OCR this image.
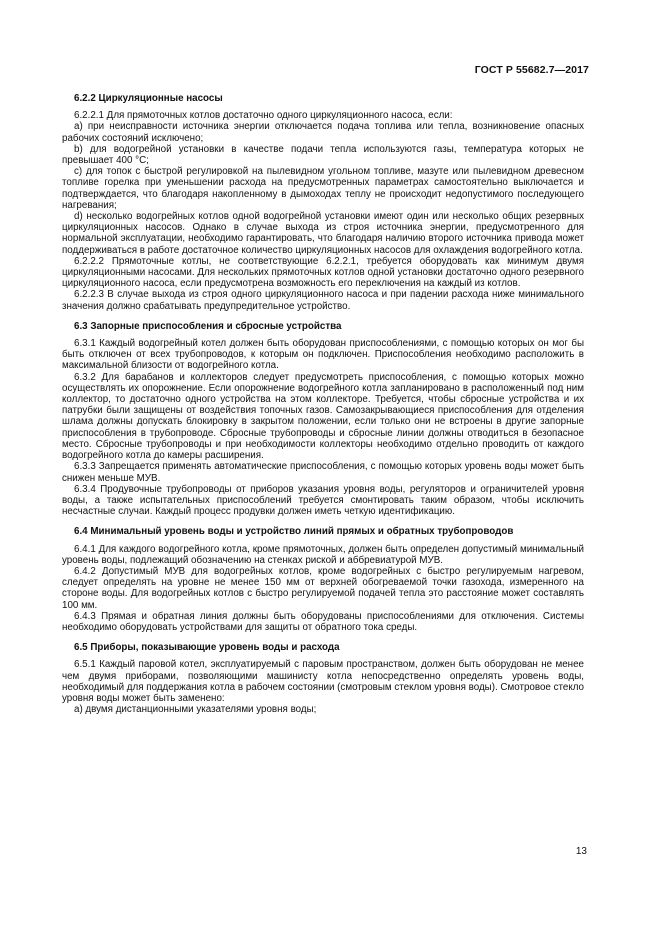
ГОСТ Р 55682.7—2017
6.2.2 Циркуляционные насосы

6.2.2.1 Для прямоточных котлов достаточно одного циркуляционного насоса, если:

a) при неисправности источника энергии отключается подача топлива или тепла, возникновение опасных рабочих состояний исключено;

b) для водогрейной установки в качестве подачи тепла используются газы, температура которых не превышает 400 °С;

c) для топок с быстрой регулировкой на пылевидном угольном топливе, мазуте или пылевидном древесном топливе горелка при уменьшении расхода на предусмотренных параметрах самостоятельно выключается и подтверждается, что благодаря накопленному в дымоходах теплу не происходит недопустимого последующего нагревания;

d) несколько водогрейных котлов одной водогрейной установки имеют один или несколько общих резервных циркуляционных насосов. Однако в случае выхода из строя источника энергии, предусмотренного для нормальной эксплуатации, необходимо гарантировать, что благодаря наличию второго источника привода может поддерживаться в работе достаточное количество циркуляционных насосов для охлаждения водогрейного котла.

6.2.2.2 Прямоточные котлы, не соответствующие 6.2.2.1, требуется оборудовать как минимум двумя циркуляционными насосами. Для нескольких прямоточных котлов одной установки достаточно одного резервного циркуляционного насоса, если предусмотрена возможность его переключения на каждый из котлов.

6.2.2.3 В случае выхода из строя одного циркуляционного насоса и при падении расхода ниже минимального значения должно срабатывать предупредительное устройство.

6.3 Запорные приспособления и сбросные устройства

6.3.1 Каждый водогрейный котел должен быть оборудован приспособлениями, с помощью которых он мог бы быть отключен от всех трубопроводов, к которым он подключен. Приспособления необходимо расположить в максимальной близости от водогрейного котла.

6.3.2 Для барабанов и коллекторов следует предусмотреть приспособления, с помощью которых можно осуществлять их опорожнение. Если опорожнение водогрейного котла запланировано в расположенный под ним коллектор, то достаточно одного устройства на этом коллекторе. Требуется, чтобы сбросные устройства и их патрубки были защищены от воздействия топочных газов. Самозакрывающиеся приспособления для отделения шлама должны допускать блокировку в закрытом положении, если только они не встроены в другие запорные приспособления в трубопроводе. Сбросные трубопроводы и сбросные линии должны отводиться в безопасное место. Сбросные трубопроводы и при необходимости коллекторы необходимо отдельно проводить от каждого водогрейного котла до камеры расширения.

6.3.3 Запрещается применять автоматические приспособления, с помощью которых уровень воды может быть снижен меньше МУВ.

6.3.4 Продувочные трубопроводы от приборов указания уровня воды, регуляторов и ограничителей уровня воды, а также испытательных приспособлений требуется смонтировать таким образом, чтобы исключить несчастные случаи. Каждый процесс продувки должен иметь четкую идентификацию.

6.4 Минимальный уровень воды и устройство линий прямых и обратных трубопроводов

6.4.1 Для каждого водогрейного котла, кроме прямоточных, должен быть определен допустимый минимальный уровень воды, подлежащий обозначению на стенках риской и аббревиатурой МУВ.

6.4.2 Допустимый МУВ для водогрейных котлов, кроме водогрейных с быстро регулируемым нагревом, следует определять на уровне не менее 150 мм от верхней обогреваемой точки газохода, измеренного на стороне воды. Для водогрейных котлов с быстро регулируемой подачей тепла это расстояние может составлять 100 мм.

6.4.3 Прямая и обратная линия должны быть оборудованы приспособлениями для отключения. Системы необходимо оборудовать устройствами для защиты от обратного тока среды.

6.5 Приборы, показывающие уровень воды и расхода

6.5.1 Каждый паровой котел, эксплуатируемый с паровым пространством, должен быть оборудован не менее чем двумя приборами, позволяющими машинисту котла непосредственно определять уровень воды, необходимый для поддержания котла в рабочем состоянии (смотровым стеклом уровня воды). Смотровое стекло уровня воды может быть заменено:

a) двумя дистанционными указателями уровня воды;

13
